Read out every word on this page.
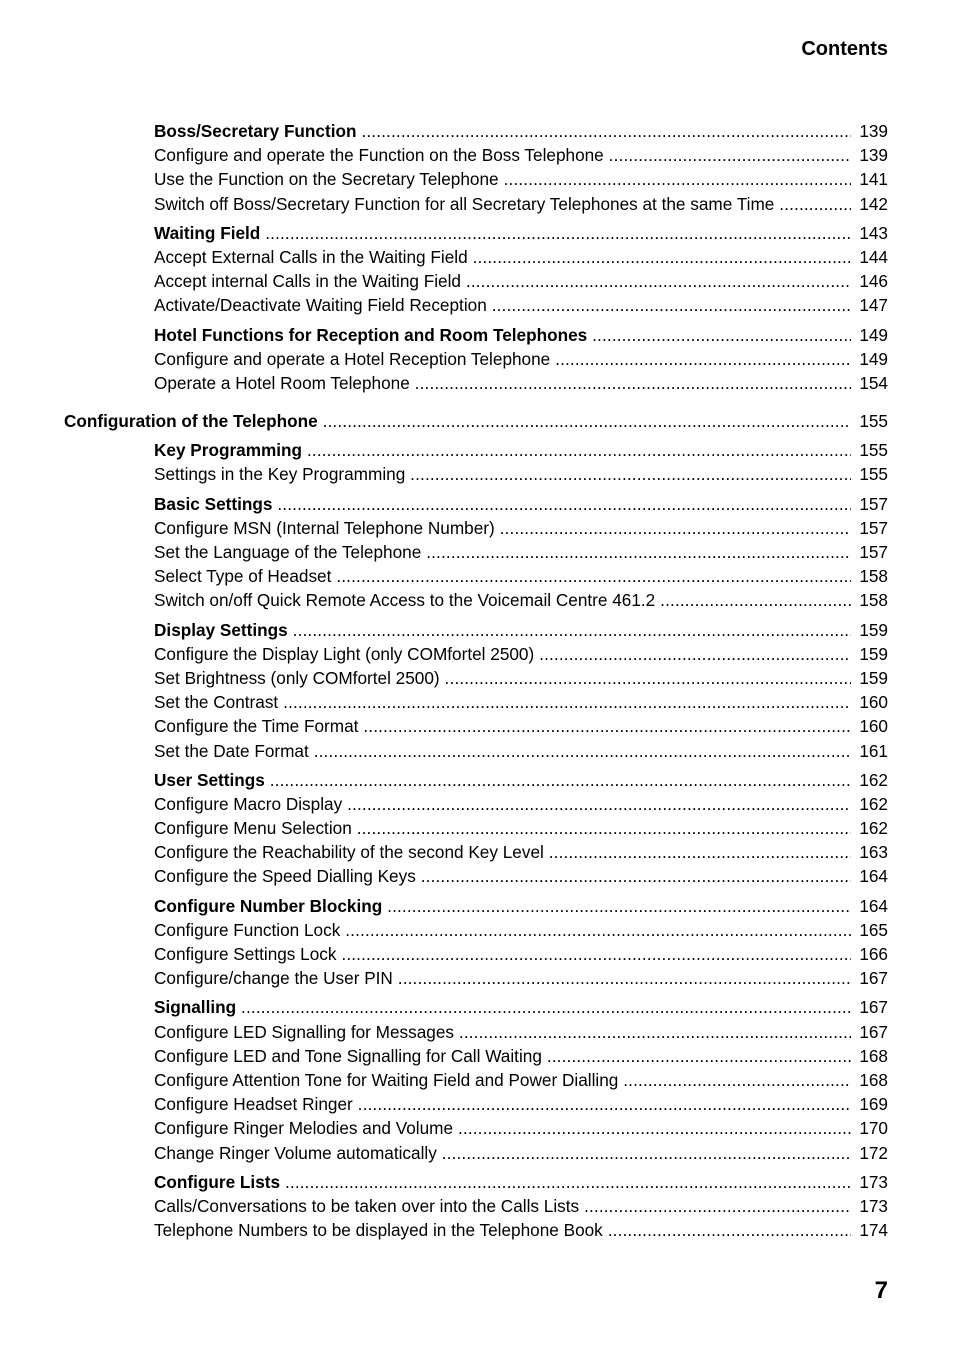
Contents
Boss/Secretary Function .....	139
Configure and operate the Function on the Boss Telephone .....	139
Use the Function on the Secretary Telephone .....	141
Switch off Boss/Secretary Function for all Secretary Telephones at the same Time .....	142
Waiting Field .....	143
Accept External Calls in the Waiting Field .....	144
Accept internal Calls in the Waiting Field .....	146
Activate/Deactivate Waiting Field Reception .....	147
Hotel Functions for Reception and Room Telephones .....	149
Configure and operate a Hotel Reception Telephone .....	149
Operate a Hotel Room Telephone .....	154
Configuration of the Telephone .....	155
Key Programming .....	155
Settings in the Key Programming .....	155
Basic Settings .....	157
Configure MSN (Internal Telephone Number) .....	157
Set the Language of the Telephone .....	157
Select Type of Headset .....	158
Switch on/off Quick Remote Access to the Voicemail Centre 461.2 .....	158
Display Settings .....	159
Configure the Display Light (only COMfortel 2500) .....	159
Set Brightness (only COMfortel 2500) .....	159
Set the Contrast .....	160
Configure the Time Format .....	160
Set the Date Format .....	161
User Settings .....	162
Configure Macro Display .....	162
Configure Menu Selection .....	162
Configure the Reachability of the second Key Level .....	163
Configure the Speed Dialling Keys .....	164
Configure Number Blocking .....	164
Configure Function Lock .....	165
Configure Settings Lock .....	166
Configure/change the User PIN .....	167
Signalling .....	167
Configure LED Signalling for Messages .....	167
Configure LED and Tone Signalling for Call Waiting .....	168
Configure Attention Tone for Waiting Field and Power Dialling .....	168
Configure Headset Ringer .....	169
Configure Ringer Melodies and Volume .....	170
Change Ringer Volume automatically .....	172
Configure Lists .....	173
Calls/Conversations to be taken over into the Calls Lists .....	173
Telephone Numbers to be displayed in the Telephone Book .....	174
7
